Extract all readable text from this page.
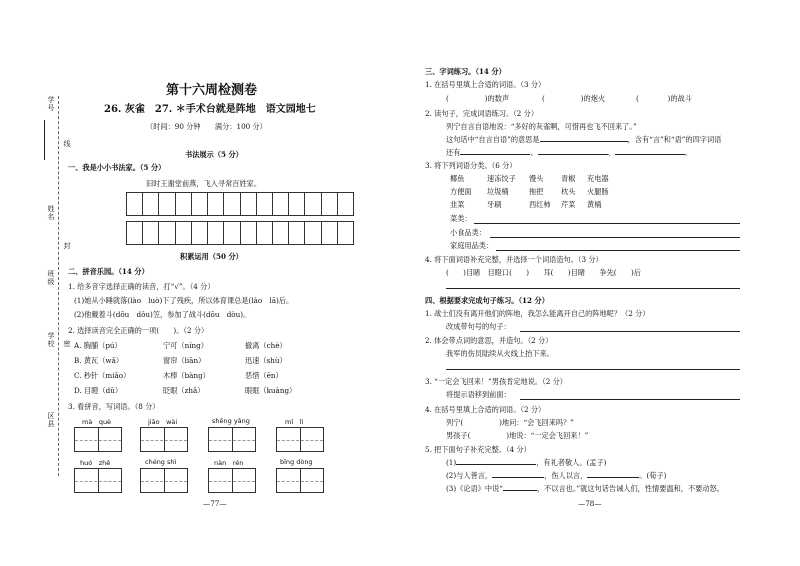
学号
线
姓名
封
班级
学校 密
区县
第十六周检测卷
26. 灰雀　27. ＊手术台就是阵地　语文园地七
（时间：90 分钟　　满分：100 分）
书法展示（5 分）
一、我是小小书法家。（5 分）
旧时王谢堂前燕，飞入寻常百姓家。
积累运用（50 分）
二、拼音乐园。（14 分）
1. 给多音字选择正确的读音，打“√”。（4 分）
(1)她从小睡就落(lào　luò)下了残疾，所以体育课总是(lào　lā)后。
(2)他戴着斗(dōu　dǒu)笠，参加了战斗(dōu　dòu)。
2. 选择读音完全正确的一项(　　)。（2 分）
A. 胸脯（pú）	宁可（níng）	撤离（chè）
B. 黄瓦（wǎ）	窗帘（liān）	迅速（shù）
C. 秒针（miǎo）	木棒（bàng）	恶惜（ēn）
D. 目瞪（dǔ）	眨眼（zhǎ）	眼眶（kuàng）
3. 看拼音，写词语。（8 分）
mà　què	jiāo　wài	shēng yǎng	mǐ　lì
huó　zhē	chéng shì	nàn　rén	bīng dòng
—77—
三、字词练习。（14 分）
1. 在括号里填上合适的词语。（3 分）
(　　　　　)的数声	(　　　　　)的炮火	(　　　　)的战斗
2. 读句子，完成词语练习。（2 分）
列宁自言自语地说：“多好的灰雀啊，可惜再也飞不回来了。”
这句话中“自言自语”的意思是	，含有“言”和“语”的四字词语
还有	、	、	。
3. 将下列词语分类。（6 分）
椰鱼	速冻饺子 馒头 青椒 充电器
方便面 垃圾桶	拖把 枕头 火腿肠
韭菜	牙刷	西红柿 芹菜 黄桶
菜类：
小食品类：
家庭用品类：
4. 将下面词语补充完整，并选择一个词语造句。（3 分）
(　　)目睹　目瞪口(　　)　　耳(　　)目睹　　争先(　　)后
四、根据要求完成句子练习。（12 分）
1. 战士们没有离开他们的阵地，我怎么能离开自己的阵地呢？（2 分）
改成带句号的句子：
2. 体会带点词的意思，并造句。（2 分）
我军的伤员陆续从火线上抬下来。
3. “一定会飞回来！”男孩肯定地说。（2 分）
将提示语移到前面：
4. 在括号里填上合适的词语。（2 分）
列宁(　　　　　)地问：“会飞回来吗？”
男孩子(　　　　　)地说：“一定会飞回来！”
5. 把下面句子补充完整。（4 分）
(1)	，有礼者敬人。(孟子)
(2)与人善言，	，伤人以言，	。(荀子)
(3)《论语》中说“	，不以言也。”就这句话告诫人们，性情要温和，不要动怒。
—78—
